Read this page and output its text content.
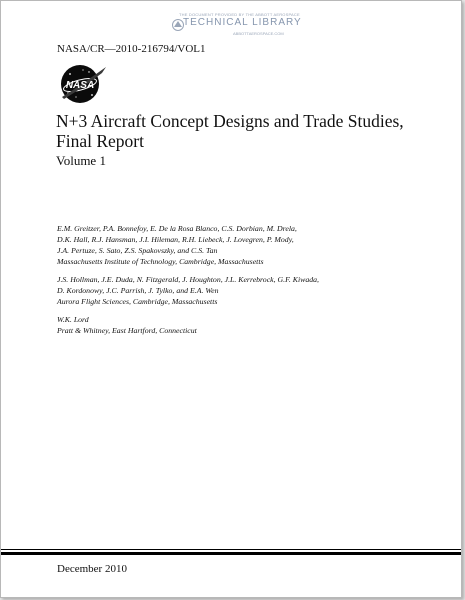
THE DOCUMENT PROVIDED BY THE ABBOTT AEROSPACE
TECHNICAL LIBRARY
ABBOTTAEROSPACE.COM
NASA/CR—2010-216794/VOL1
NASA
N+3 Aircraft Concept Designs and Trade Studies,
Final Report
Volume 1
E.M. Greitzer, P.A. Bonnefoy, E. De la Rosa Blanco, C.S. Dorbian, M. Drela,
D.K. Hall, R.J. Hansman, J.I. Hileman, R.H. Liebeck, J. Lovegren, P. Mody,
J.A. Pertuze, S. Sato, Z.S. Spakovszky, and C.S. Tan
Massachusetts Institute of Technology, Cambridge, Massachusetts
J.S. Hollman, J.E. Duda, N. Fitzgerald, J. Houghton, J.L. Kerrebrock, G.F. Kiwada,
D. Kordonowy, J.C. Parrish, J. Tylko, and E.A. Wen
Aurora Flight Sciences, Cambridge, Massachusetts
W.K. Lord
Pratt & Whitney, East Hartford, Connecticut
December 2010
